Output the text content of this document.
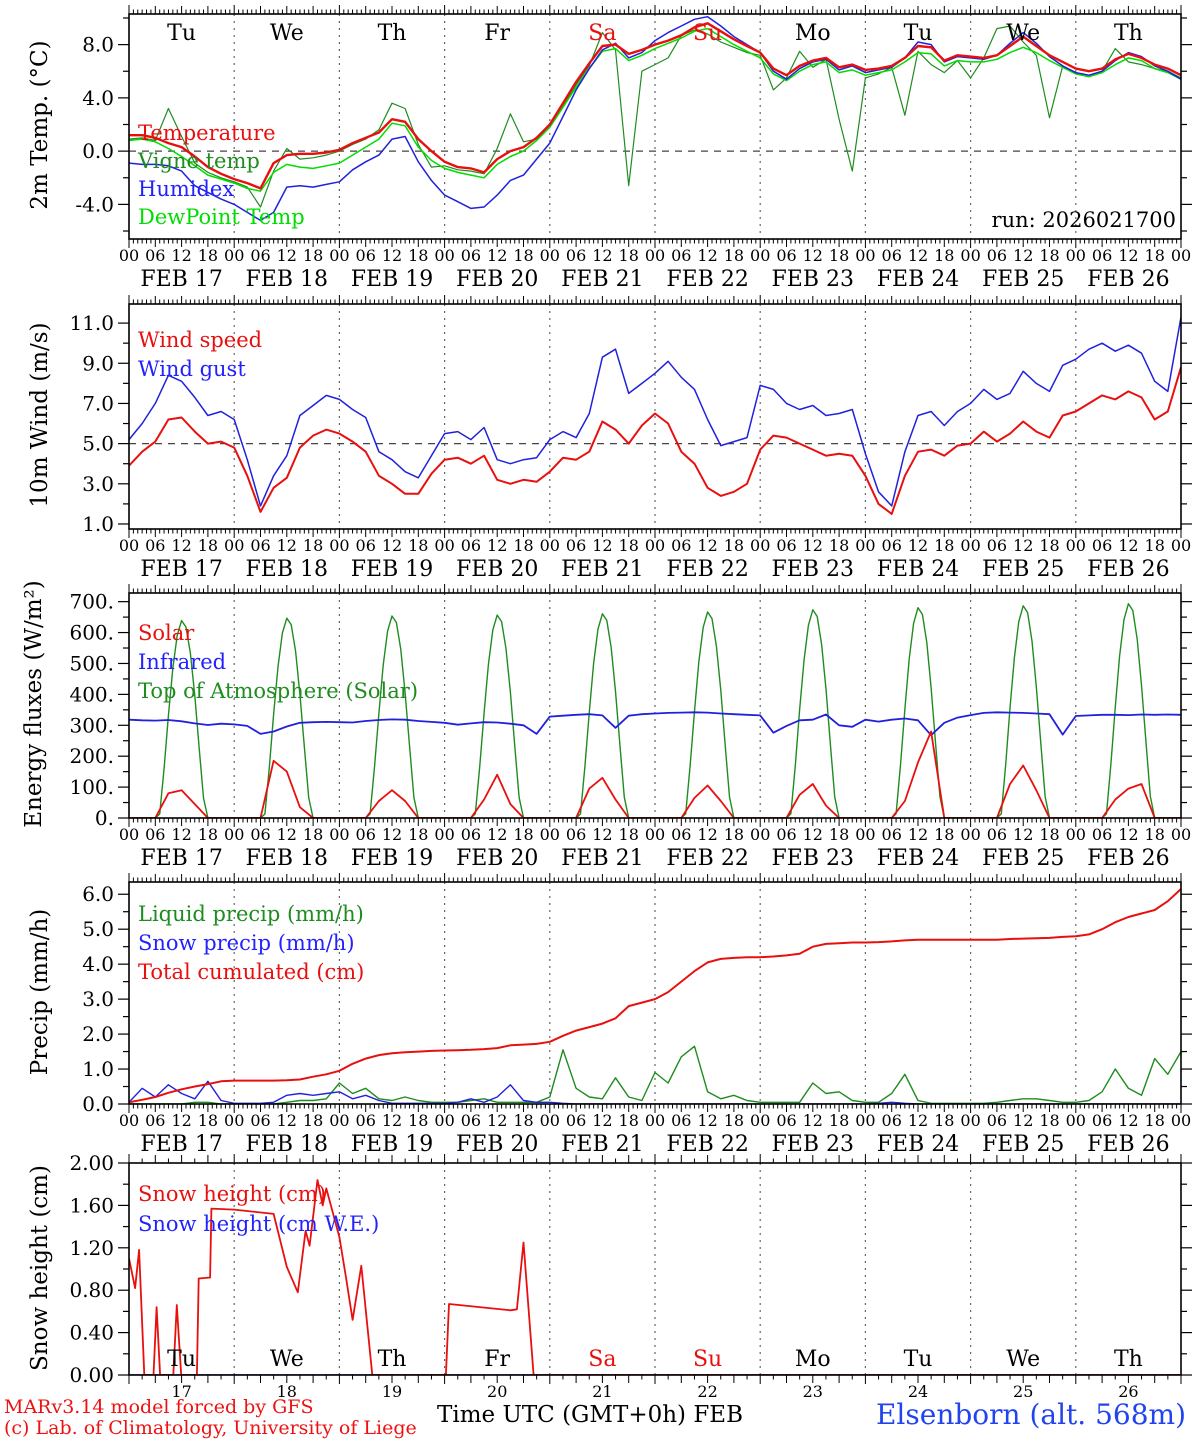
8.0
4.0
0.0
-4.0
00 06 12 18 00 06 12 18 00 06 12 18 00 06 12 18 00 06 12 18 00 06 12 18 00 06 12 18 00 06 12 18 00 06 12 18 00 06 12 18 00
FEB 17 FEB 18 FEB 19 FEB 20 FEB 21 FEB 22 FEB 23 FEB 24 FEB 25 FEB 26
Tu	We	Th	Fr	Sa	Su	Mo	Tu	We	Th
Temperature
Vigne temp
Humidex
DewPoint Temp
11.0
9.0
7.0
5.0
3.0
1.0
00 06 12 18 00 06 12 18 00 06 12 18 00 06 12 18 00 06 12 18 00 06 12 18 00 06 12 18 00 06 12 18 00 06 12 18 00 06 12 18 00
FEB 17 FEB 18 FEB 19 FEB 20 FEB 21 FEB 22 FEB 23 FEB 24 FEB 25 FEB 26
Wind speed
Wind gust
700.
600.
500.
400.
300.
200.
100.
0.
00 06 12 18 00 06 12 18 00 06 12 18 00 06 12 18 00 06 12 18 00 06 12 18 00 06 12 18 00 06 12 18 00 06 12 18 00 06 12 18 00
FEB 17 FEB 18 FEB 19 FEB 20 FEB 21 FEB 22 FEB 23 FEB 24 FEB 25 FEB 26
Solar
Infrared
Top of Atmosphere (Solar)
6.0
5.0
4.0
3.0
2.0
1.0
0.0
00 06 12 18 00 06 12 18 00 06 12 18 00 06 12 18 00 06 12 18 00 06 12 18 00 06 12 18 00 06 12 18 00 06 12 18 00 06 12 18 00
FEB 17 FEB 18 FEB 19 FEB 20 FEB 21 FEB 22 FEB 23 FEB 24 FEB 25 FEB 26
Liquid precip (mm/h)
Snow precip (mm/h)
Total cumulated (cm)
2.00
1.60
1.20
0.80
0.40
0.00
17	18	19	20	21	22	23	24	25	26
Tu	We	Th	Fr	Sa	Su	Mo	Tu	We	Th
Snow height (cm)
Snow height (cm W.E.)
2m Temp. (°C)
10m Wind (m/s)
Energy fluxes (W/m²)
Precip (mm/h)
Snow height (cm)
run: 2026021700
MARv3.14 model forced by GFS
(c) Lab. of Climatology, University of Liege Time UTC (GMT+0h) FEB	Elsenborn (alt. 568m)
